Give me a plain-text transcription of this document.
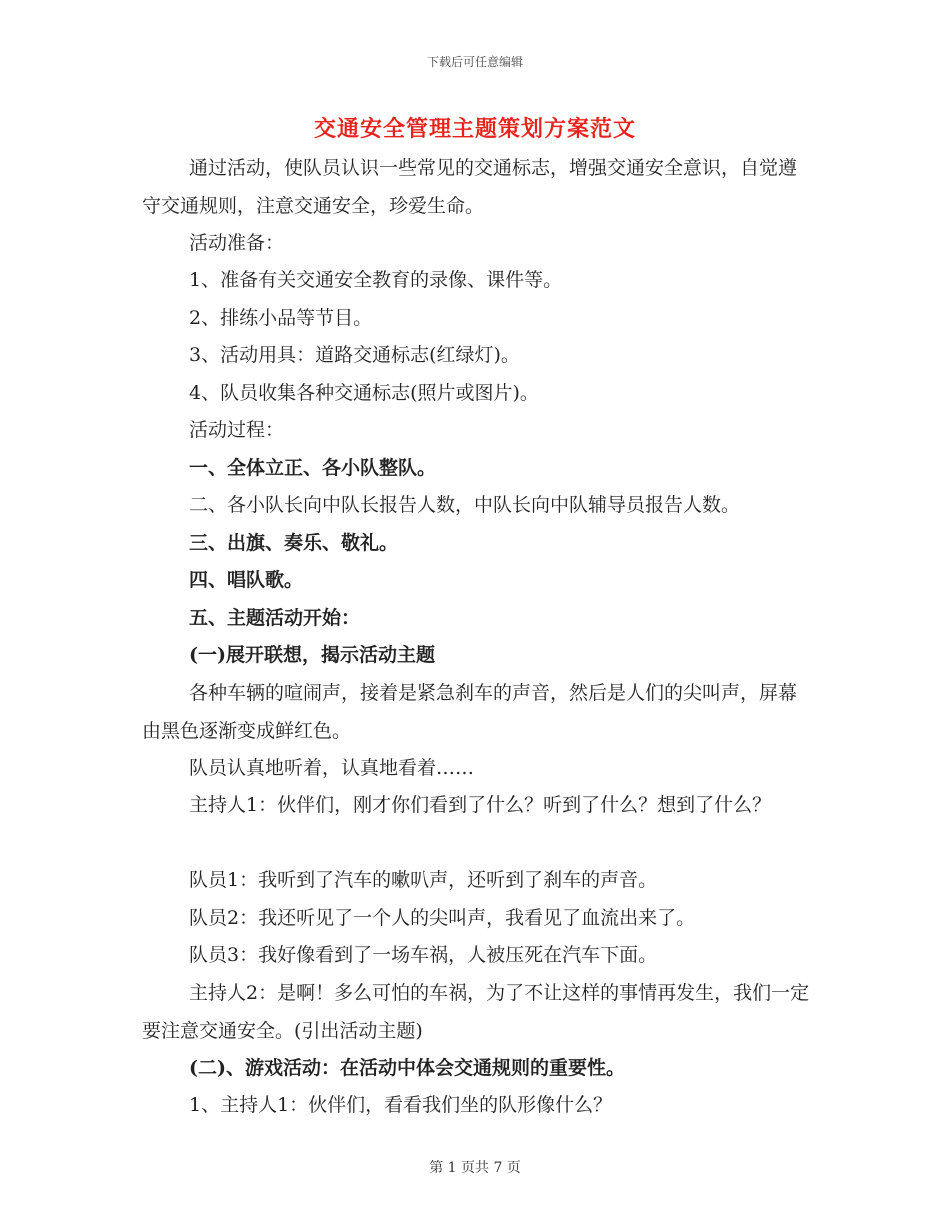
下载后可任意编辑
交通安全管理主题策划方案范文

通过活动，使队员认识一些常见的交通标志，增强交通安全意识，自觉遵守交通规则，注意交通安全，珍爱生命。

活动准备：

1、准备有关交通安全教育的录像、课件等。

2、排练小品等节目。

3、活动用具：道路交通标志(红绿灯)。

4、队员收集各种交通标志(照片或图片)。

活动过程：

一、全体立正、各小队整队。

二、各小队长向中队长报告人数，中队长向中队辅导员报告人数。

三、出旗、奏乐、敬礼。

四、唱队歌。

五、主题活动开始：

(一)展开联想，揭示活动主题

各种车辆的喧闹声，接着是紧急刹车的声音，然后是人们的尖叫声，屏幕由黑色逐渐变成鲜红色。

队员认真地听着，认真地看着……

主持人1：伙伴们，刚才你们看到了什么？听到了什么？想到了什么？

队员1：我听到了汽车的嗽叭声，还听到了刹车的声音。

队员2：我还听见了一个人的尖叫声，我看见了血流出来了。

队员3：我好像看到了一场车祸，人被压死在汽车下面。

主持人2：是啊！多么可怕的车祸，为了不让这样的事情再发生，我们一定要注意交通安全。(引出活动主题)

(二)、游戏活动：在活动中体会交通规则的重要性。

1、主持人1：伙伴们，看看我们坐的队形像什么？

第 1 页共 7 页
